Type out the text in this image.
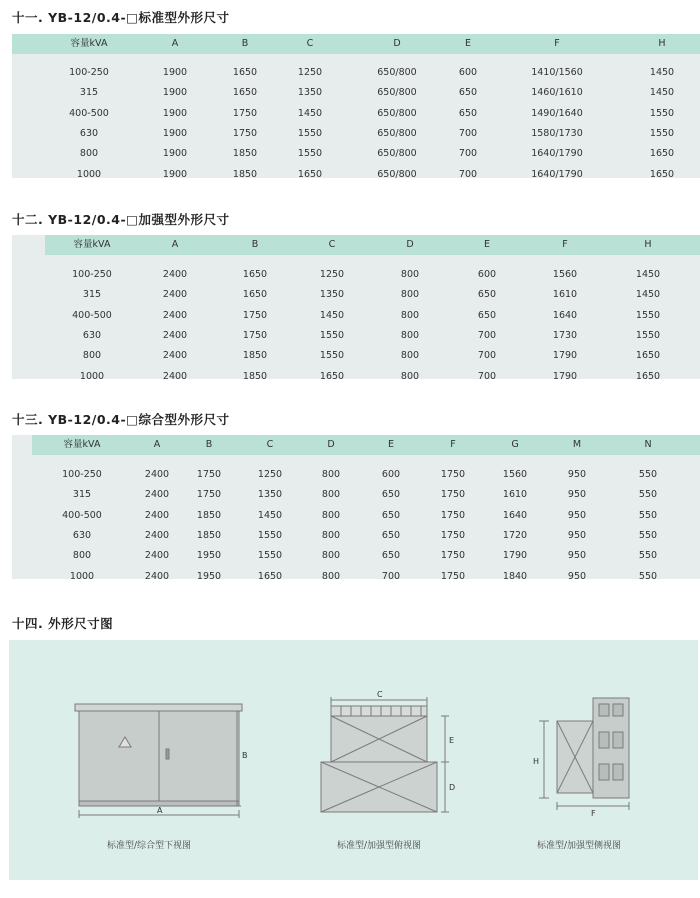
十一. YB-12/0.4-□标准型外形尺寸
容量kVA	A	B	C	D	E	F	H
100-250	1900	1650	1250	650/800	600	1410/1560	1450
315	1900	1650	1350	650/800	650	1460/1610	1450
400-500	1900	1750	1450	650/800	650	1490/1640	1550
630	1900	1750	1550	650/800	700	1580/1730	1550
800	1900	1850	1550	650/800	700	1640/1790	1650
1000	1900	1850	1650	650/800	700	1640/1790	1650
十二. YB-12/0.4-□加强型外形尺寸
容量kVA	A	B	C	D	E	F	H
100-250	2400	1650	1250	800	600	1560	1450
315	2400	1650	1350	800	650	1610	1450
400-500	2400	1750	1450	800	650	1640	1550
630	2400	1750	1550	800	700	1730	1550
800	2400	1850	1550	800	700	1790	1650
1000	2400	1850	1650	800	700	1790	1650
十三. YB-12/0.4-□综合型外形尺寸
容量kVA	A	B	C	D	E	F	G	M	N
100-250	2400	1750	1250	800	600	1750	1560	950	550
315	2400	1750	1350	800	650	1750	1610	950	550
400-500	2400	1850	1450	800	650	1750	1640	950	550
630	2400	1850	1550	800	650	1750	1720	950	550
800	2400	1950	1550	800	650	1750	1790	950	550
1000	2400	1950	1650	800	700	1750	1840	950	550
十四. 外形尺寸图
A
B
C
E
D
H
F
标准型/综合型下视图	标准型/加强型俯视图	标准型/加强型侧视图
